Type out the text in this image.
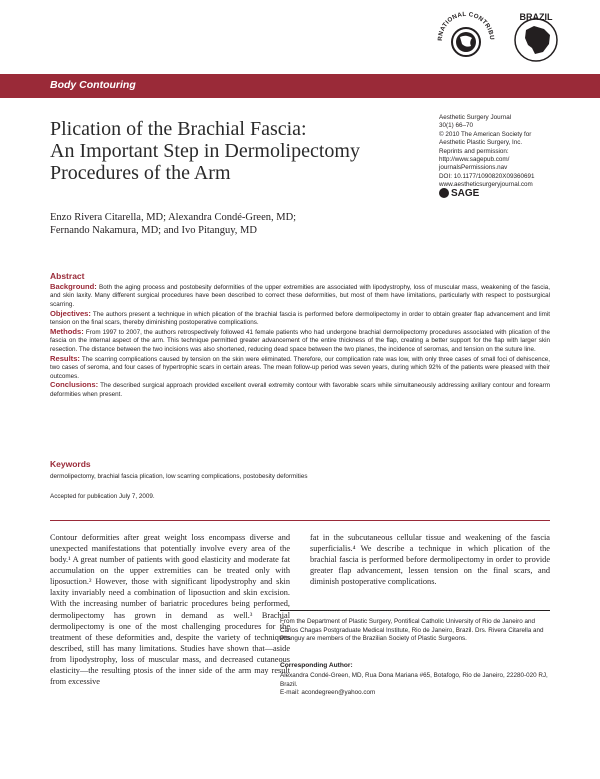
RNATIONAL CONTRIBU
BRAZIL
Body Contouring
Plication of the Brachial Fascia:
An Important Step in Dermolipectomy
Procedures of the Arm
Aesthetic Surgery Journal
30(1) 66–70
© 2010 The American Society for
Aesthetic Plastic Surgery, Inc.
Reprints and permission:
http://www.sagepub.com/
journalsPermissions.nav
DOI: 10.1177/1090820X09360691
www.aestheticsurgeryjournal.com
SAGE
Enzo Rivera Citarella, MD; Alexandra Condé-Green, MD;
Fernando Nakamura, MD; and Ivo Pitanguy, MD
Abstract

Background: Both the aging process and postobesity deformities of the upper extremities are associated with lipodystrophy, loss of muscular mass, weakening of the fascia, and skin laxity. Many different surgical procedures have been described to correct these deformities, but most of them have limitations, particularly with respect to postsurgical scarring.

Objectives: The authors present a technique in which plication of the brachial fascia is performed before dermolipectomy in order to obtain greater flap advancement and limit tension on the final scars, thereby diminishing postoperative complications.

Methods: From 1997 to 2007, the authors retrospectively followed 41 female patients who had undergone brachial dermolipectomy procedures associated with plication of the fascia on the internal aspect of the arm. This technique permitted greater advancement of the entire thickness of the flap, creating a better support for the flap with larger skin resection. The distance between the two incisions was also shortened, reducing dead space between the two planes, the incidence of seromas, and tension on the suture line.

Results: The scarring complications caused by tension on the skin were eliminated. Therefore, our complication rate was low, with only three cases of small foci of dehiscence, two cases of seroma, and four cases of hypertrophic scars in certain areas. The mean follow-up period was seven years, during which 92% of the patients were pleased with their outcomes.

Conclusions: The described surgical approach provided excellent overall extremity contour with favorable scars while simultaneously addressing axillary contour and forearm deformities when present.

Keywords
dermolipectomy, brachial fascia plication, low scarring complications, postobesity deformities
Accepted for publication July 7, 2009.

Contour deformities after great weight loss encompass diverse and unexpected manifestations that potentially involve every area of the body.¹ A great number of patients with good elasticity and moderate fat accumulation on the upper extremities can be treated only with liposuction.² However, those with significant lipodystrophy and skin laxity invariably need a combination of liposuction and skin excision. With the increasing number of bariatric procedures being performed, dermolipectomy has grown in demand as well.³ Brachial dermolipectomy is one of the most challenging procedures for the treatment of these deformities and, despite the variety of techniques described, still has many limitations. Studies have shown that—aside from lipodystrophy, loss of muscular mass, and decreased cutaneous elasticity—the resulting ptosis of the inner side of the arm may result from excessive

fat in the subcutaneous cellular tissue and weakening of the fascia superficialis.⁴ We describe a technique in which plication of the brachial fascia is performed before dermolipectomy in order to provide greater flap advancement, lessen tension on the final scars, and diminish postoperative complications.

From the Department of Plastic Surgery, Pontifical Catholic University of Rio de Janeiro and Carlos Chagas Postgraduate Medical Institute, Rio de Janeiro, Brazil. Drs. Rivera Citarella and Pitanguy are members of the Brazilian Society of Plastic Surgeons.
Corresponding Author:
Alexandra Condé-Green, MD, Rua Dona Mariana #65, Botafogo, Rio de Janeiro, 22280-020 RJ, Brazil.
E-mail: acondegreen@yahoo.com
